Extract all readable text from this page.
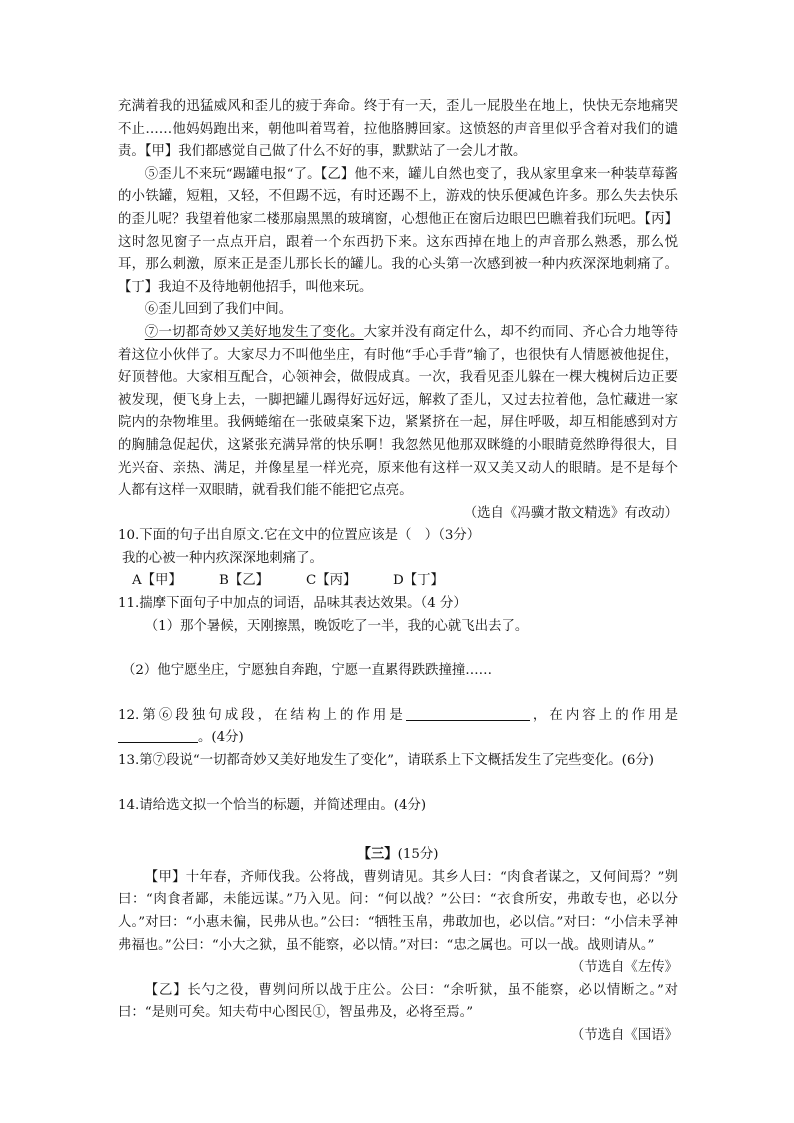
充满着我的迅猛威风和歪儿的疲于奔命。终于有一天，歪儿一屁股坐在地上，快快无奈地痛哭不止……他妈妈跑出来，朝他叫着骂着，拉他胳膊回家。这愤怒的声音里似乎含着对我们的谴责。【甲】我们都感觉自己做了什么不好的事，默默站了一会儿才散。

⑤歪儿不来玩“踢罐电报“了。【乙】他不来，罐儿自然也变了，我从家里拿来一种装草莓酱的小铁罐，短粗，又轻，不但踢不远，有时还踢不上，游戏的快乐便减色许多。那么失去快乐的歪儿呢？我望着他家二楼那扇黑黑的玻璃窗，心想他正在窗后边眼巴巴瞧着我们玩吧。【丙】这时忽见窗子一点点开启，跟着一个东西扔下来。这东西掉在地上的声音那么熟悉，那么悦耳，那么刺激，原来正是歪儿那长长的罐儿。我的心头第一次感到被一种内疚深深地刺痛了。【丁】我迫不及待地朝他招手，叫他来玩。

⑥歪儿回到了我们中间。

⑦一切都奇妙又美好地发生了变化。大家并没有商定什么，却不约而同、齐心合力地等待着这位小伙伴了。大家尽力不叫他坐庄，有时他“手心手背”输了，也很快有人情愿被他捉住，好顶替他。大家相互配合，心领神会，做假成真。一次，我看见歪儿躲在一棵大槐树后边正要被发现，便飞身上去，一脚把罐儿踢得好远好远，解救了歪儿，又过去拉着他，急忙藏进一家院内的杂物堆里。我俩蜷缩在一张破桌案下边，紧紧挤在一起，屏住呼吸，却互相能感到对方的胸脯急促起伏，这紧张充满异常的快乐啊！我忽然见他那双眯缝的小眼睛竟然睁得很大，目光兴奋、亲热、满足，并像星星一样光亮，原来他有这样一双又美又动人的眼睛。是不是每个人都有这样一双眼睛，就看我们能不能把它点亮。

（选自《冯骥才散文精选》有改动）

10.下面的句子出自原文.它在文中的位置应该是（　）（3分）

我的心被一种内疚深深地刺痛了。

A【甲】	B【乙】	C【丙】	D【丁】

11.揣摩下面句子中加点的词语，品味其表达效果。（4 分）

（1）那个暑候，天刚擦黑，晚饭吃了一半，我的心就飞出去了。

（2）他宁愿坐庄，宁愿独自奔跑，宁愿一直累得跌跌撞撞……

12.第⑥段独句成段，在结构上的作用是	，在内容上的作用是。(4分)

13.第⑦段说“一切都奇妙又美好地发生了变化”，请联系上下文概括发生了完些变化。(6分)

14.请给选文拟一个恰当的标题，并简述理由。(4分)

【三】(15分)

【甲】十年春，齐师伐我。公将战，曹刿请见。其乡人曰：“肉食者谋之，又何间焉？”刿曰：“肉食者鄙，未能远谋。”乃入见。问：“何以战？”公曰：“衣食所安，弗敢专也，必以分人。”对曰：“小惠未徧，民弗从也。”公曰：“牺牲玉帛，弗敢加也，必以信。”对曰：“小信未孚神弗福也。”公曰：“小大之狱，虽不能察，必以情。”对曰：“忠之属也。可以一战。战则请从。”

（节选自《左传》

【乙】长勺之役，曹刿问所以战于庄公。公曰：“余听狱，虽不能察，必以情断之。”对曰：“是则可矣。知夫苟中心图民①，智虽弗及，必将至焉。”

（节选自《国语》
